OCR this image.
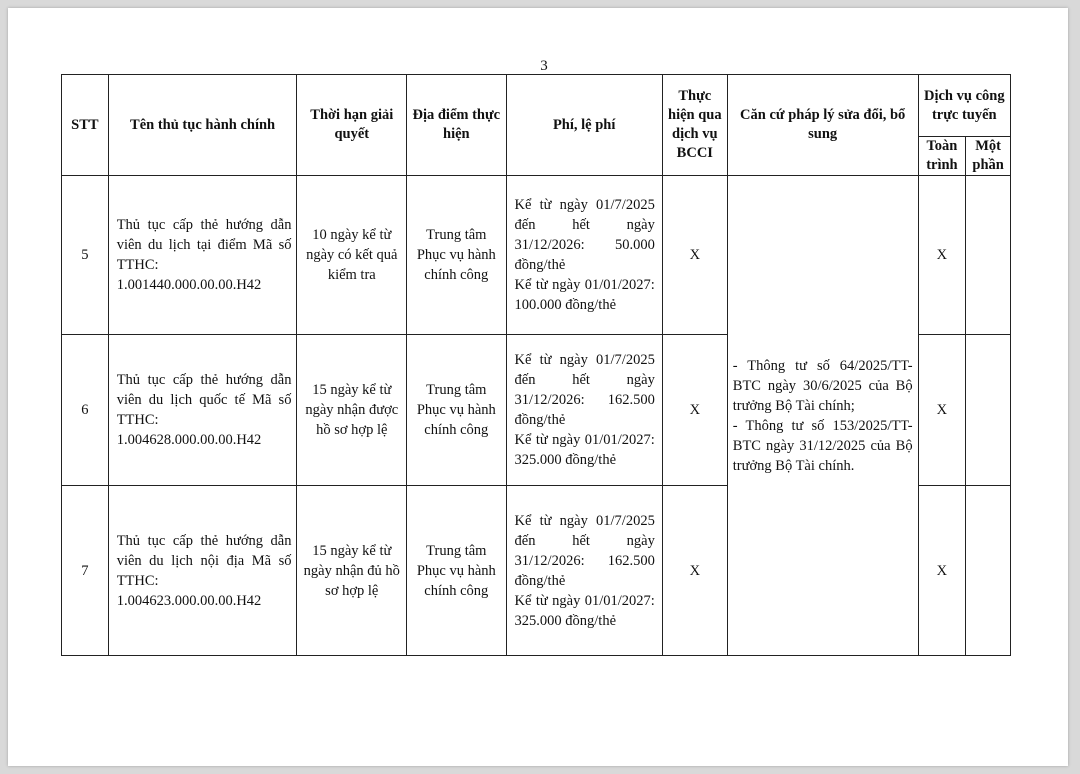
3
STT	Tên thủ tục hành chính	Thời hạn giải quyết	Địa điểm thực hiện	Phí, lệ phí	Thực hiện qua dịch vụ BCCI	Căn cứ pháp lý sửa đổi, bổ sung	Dịch vụ công trực tuyến	
							Toàn trình	Một phần
5	Thủ tục cấp thẻ hướng dẫn viên du lịch tại điểm Mã số TTHC: 1.001440.000.00.00.H42	10 ngày kể từ ngày có kết quả kiểm tra	Trung tâm Phục vụ hành chính công	Kể từ ngày 01/7/2025 đến hết ngày 31/12/2026: 50.000 đồng/thẻ
Kể từ ngày 01/01/2027: 100.000 đồng/thẻ	X	- Thông tư số 64/2025/TT-BTC ngày 30/6/2025 của Bộ trưởng Bộ Tài chính;
- Thông tư số 153/2025/TT-BTC ngày 31/12/2025 của Bộ trưởng Bộ Tài chính.	X	
6	Thủ tục cấp thẻ hướng dẫn viên du lịch quốc tế Mã số TTHC: 1.004628.000.00.00.H42	15 ngày kể từ ngày nhận được hồ sơ hợp lệ	Trung tâm Phục vụ hành chính công	Kể từ ngày 01/7/2025 đến hết ngày 31/12/2026: 162.500 đồng/thẻ
Kể từ ngày 01/01/2027: 325.000 đồng/thẻ	X		X	
7	Thủ tục cấp thẻ hướng dẫn viên du lịch nội địa Mã số TTHC: 1.004623.000.00.00.H42	15 ngày kể từ ngày nhận đủ hồ sơ hợp lệ	Trung tâm Phục vụ hành chính công	Kể từ ngày 01/7/2025 đến hết ngày 31/12/2026: 162.500 đồng/thẻ
Kể từ ngày 01/01/2027: 325.000 đồng/thẻ	X		X	
